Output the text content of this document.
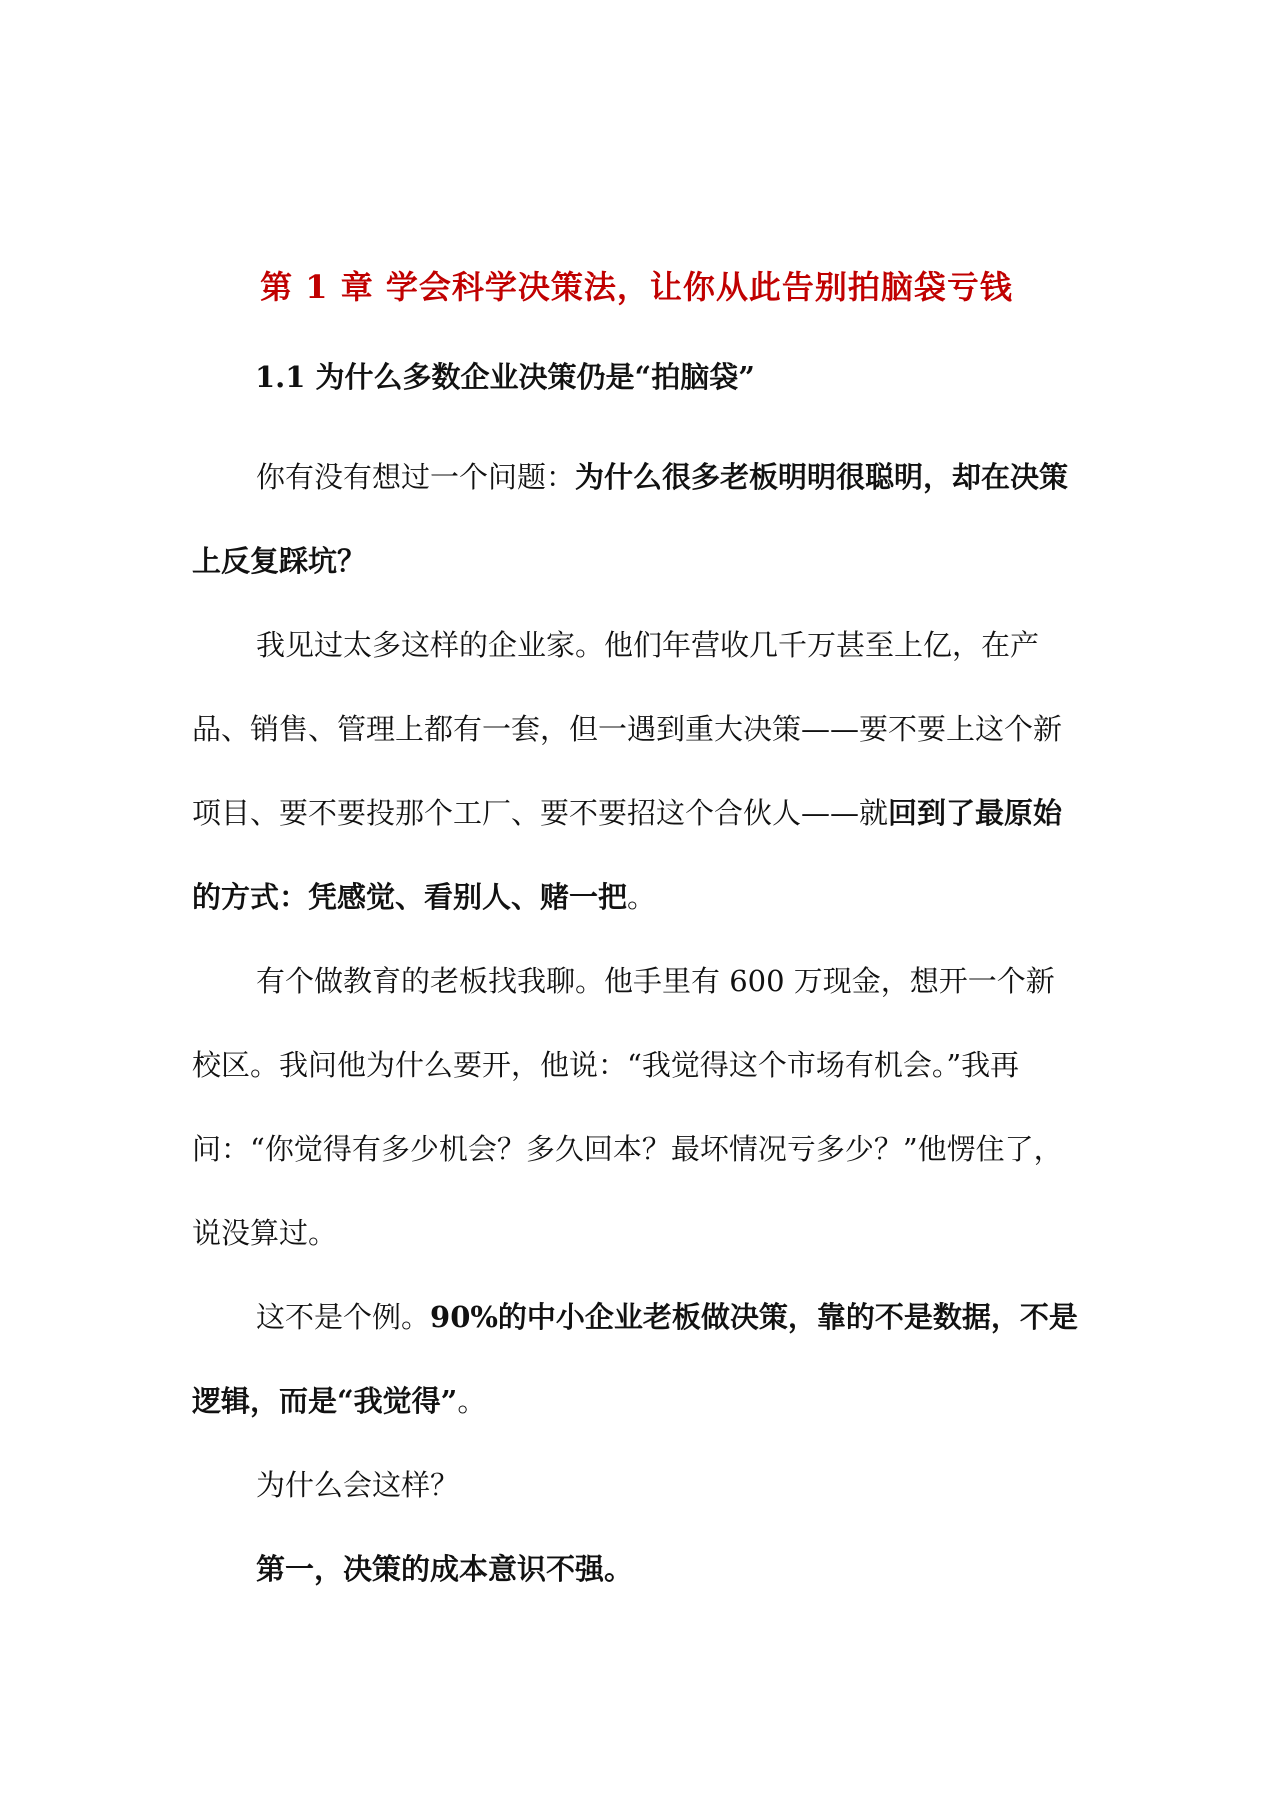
第 1 章 学会科学决策法，让你从此告别拍脑袋亏钱
1.1 为什么多数企业决策仍是“拍脑袋”

你有没有想过一个问题：为什么很多老板明明很聪明，却在决策上反复踩坑？

我见过太多这样的企业家。他们年营收几千万甚至上亿，在产品、销售、管理上都有一套，但一遇到重大决策——要不要上这个新项目、要不要投那个工厂、要不要招这个合伙人——就回到了最原始的方式：凭感觉、看别人、赌一把。

有个做教育的老板找我聊。他手里有 600 万现金，想开一个新校区。我问他为什么要开，他说：“我觉得这个市场有机会。”我再问：“你觉得有多少机会？多久回本？最坏情况亏多少？”他愣住了，说没算过。

这不是个例。90%的中小企业老板做决策，靠的不是数据，不是逻辑，而是“我觉得”。

为什么会这样？

第一，决策的成本意识不强。
